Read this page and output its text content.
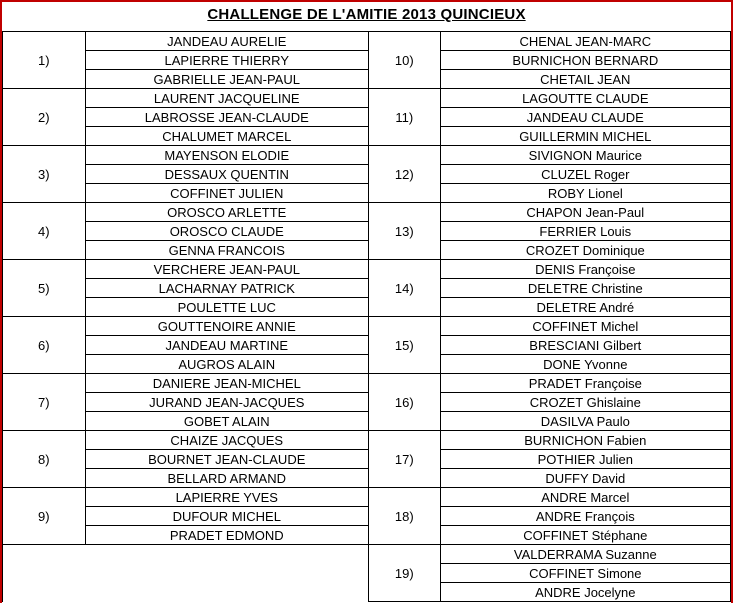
CHALLENGE DE L'AMITIE 2013 QUINCIEUX
1)
JANDEAU AURELIE
LAPIERRE THIERRY
GABRIELLE JEAN-PAUL
10)
CHENAL JEAN-MARC
BURNICHON BERNARD
CHETAIL JEAN
2)
LAURENT JACQUELINE
LABROSSE JEAN-CLAUDE
CHALUMET MARCEL
11)
LAGOUTTE CLAUDE
JANDEAU CLAUDE
GUILLERMIN MICHEL
3)
MAYENSON ELODIE
DESSAUX QUENTIN
COFFINET JULIEN
12)
SIVIGNON Maurice
CLUZEL Roger
ROBY Lionel
4)
OROSCO ARLETTE
OROSCO CLAUDE
GENNA FRANCOIS
13)
CHAPON Jean-Paul
FERRIER Louis
CROZET Dominique
5)
VERCHERE JEAN-PAUL
LACHARNAY PATRICK
POULETTE LUC
14)
DENIS Françoise
DELETRE Christine
DELETRE André
6)
GOUTTENOIRE ANNIE
JANDEAU MARTINE
AUGROS ALAIN
15)
COFFINET Michel
BRESCIANI Gilbert
DONE Yvonne
7)
DANIERE JEAN-MICHEL
JURAND JEAN-JACQUES
GOBET ALAIN
16)
PRADET Françoise
CROZET Ghislaine
DASILVA Paulo
8)
CHAIZE JACQUES
BOURNET JEAN-CLAUDE
BELLARD ARMAND
17)
BURNICHON Fabien
POTHIER Julien
DUFFY David
9)
LAPIERRE YVES
DUFOUR MICHEL
PRADET EDMOND
18)
ANDRE Marcel
ANDRE François
COFFINET Stéphane
19)
VALDERRAMA Suzanne
COFFINET Simone
ANDRE Jocelyne
